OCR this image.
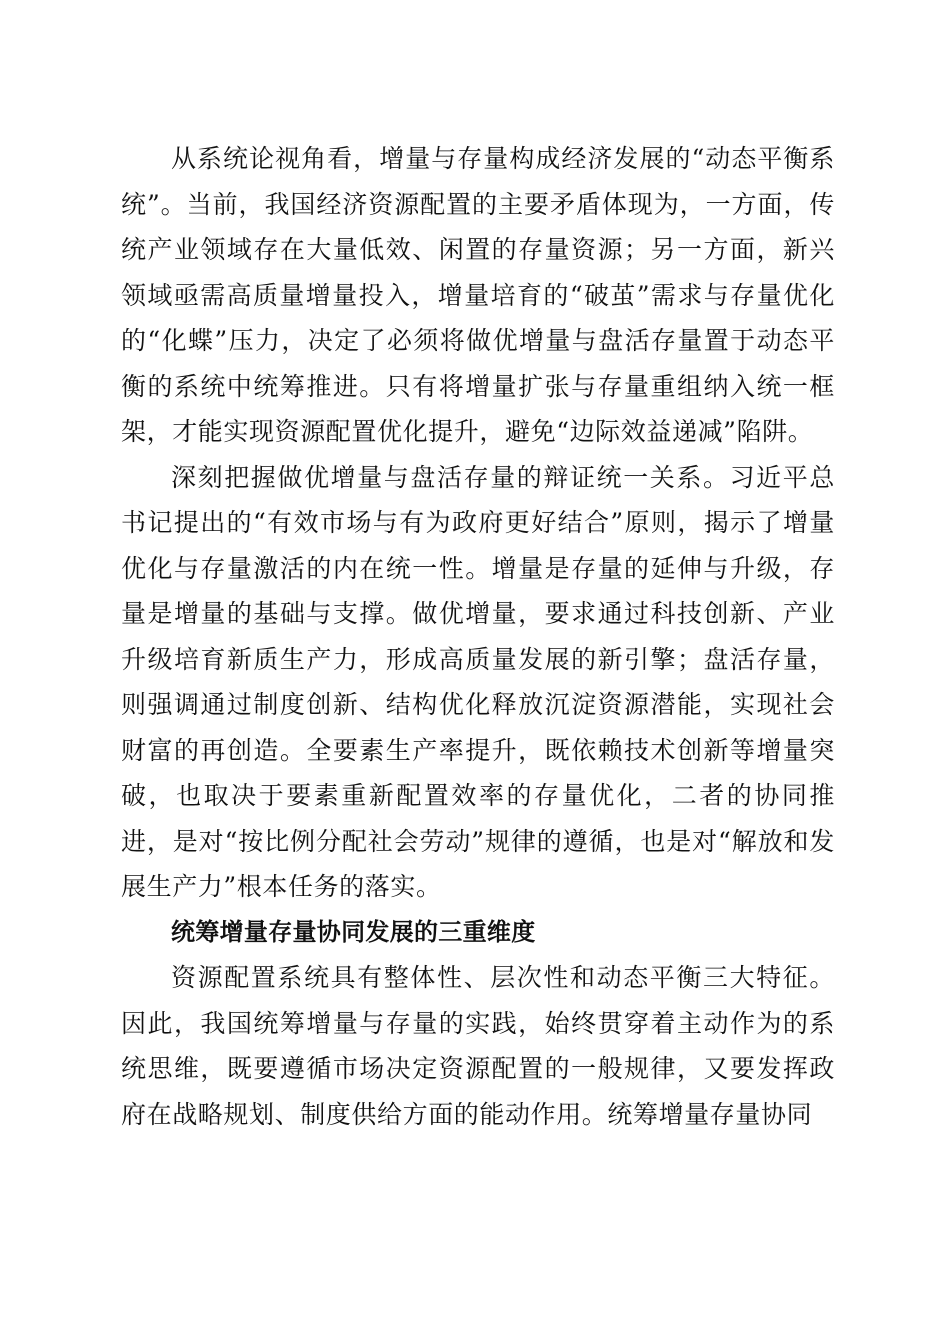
从系统论视角看，增量与存量构成经济发展的“动态平衡系统”。当前，我国经济资源配置的主要矛盾体现为，一方面，传统产业领域存在大量低效、闲置的存量资源；另一方面，新兴领域亟需高质量增量投入，增量培育的“破茧”需求与存量优化的“化蝶”压力，决定了必须将做优增量与盘活存量置于动态平衡的系统中统筹推进。只有将增量扩张与存量重组纳入统一框架，才能实现资源配置优化提升，避免“边际效益递减”陷阱。

深刻把握做优增量与盘活存量的辩证统一关系。习近平总书记提出的“有效市场与有为政府更好结合”原则，揭示了增量优化与存量激活的内在统一性。增量是存量的延伸与升级，存量是增量的基础与支撑。做优增量，要求通过科技创新、产业升级培育新质生产力，形成高质量发展的新引擎；盘活存量，则强调通过制度创新、结构优化释放沉淀资源潜能，实现社会财富的再创造。全要素生产率提升，既依赖技术创新等增量突破，也取决于要素重新配置效率的存量优化，二者的协同推进，是对“按比例分配社会劳动”规律的遵循，也是对“解放和发展生产力”根本任务的落实。

统筹增量存量协同发展的三重维度

资源配置系统具有整体性、层次性和动态平衡三大特征。因此，我国统筹增量与存量的实践，始终贯穿着主动作为的系统思维，既要遵循市场决定资源配置的一般规律，又要发挥政府在战略规划、制度供给方面的能动作用。统筹增量存量协同
